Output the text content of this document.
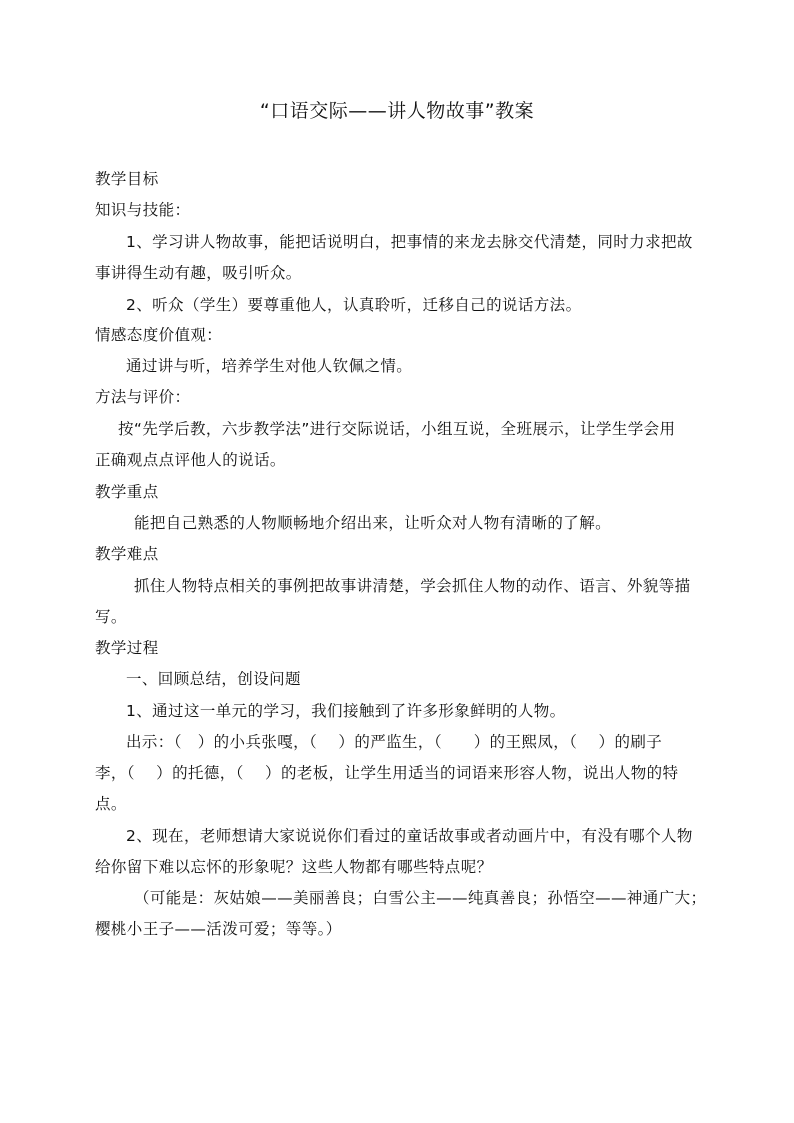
“口语交际——讲人物故事”教案
教学目标
知识与技能：
1、学习讲人物故事，能把话说明白，把事情的来龙去脉交代清楚，同时力求把故
事讲得生动有趣，吸引听众。
2、听众（学生）要尊重他人，认真聆听，迁移自己的说话方法。
情感态度价值观：
通过讲与听，培养学生对他人钦佩之情。
方法与评价：
按“先学后教，六步教学法”进行交际说话，小组互说，全班展示，让学生学会用
正确观点点评他人的说话。
教学重点
能把自己熟悉的人物顺畅地介绍出来，让听众对人物有清晰的了解。
教学难点
抓住人物特点相关的事例把故事讲清楚，学会抓住人物的动作、语言、外貌等描
写。
教学过程
一、回顾总结，创设问题
1、通过这一单元的学习，我们接触到了许多形象鲜明的人物。
出示：（　）的小兵张嘎，（　 ）的严监生，（　　）的王熙凤，（　 ）的刷子
李，（　 ）的托德，（　 ）的老板，让学生用适当的词语来形容人物，说出人物的特
点。
2、现在，老师想请大家说说你们看过的童话故事或者动画片中，有没有哪个人物
给你留下难以忘怀的形象呢？这些人物都有哪些特点呢？
（可能是：灰姑娘——美丽善良；白雪公主——纯真善良；孙悟空——神通广大；
樱桃小王子——活泼可爱；等等。）
